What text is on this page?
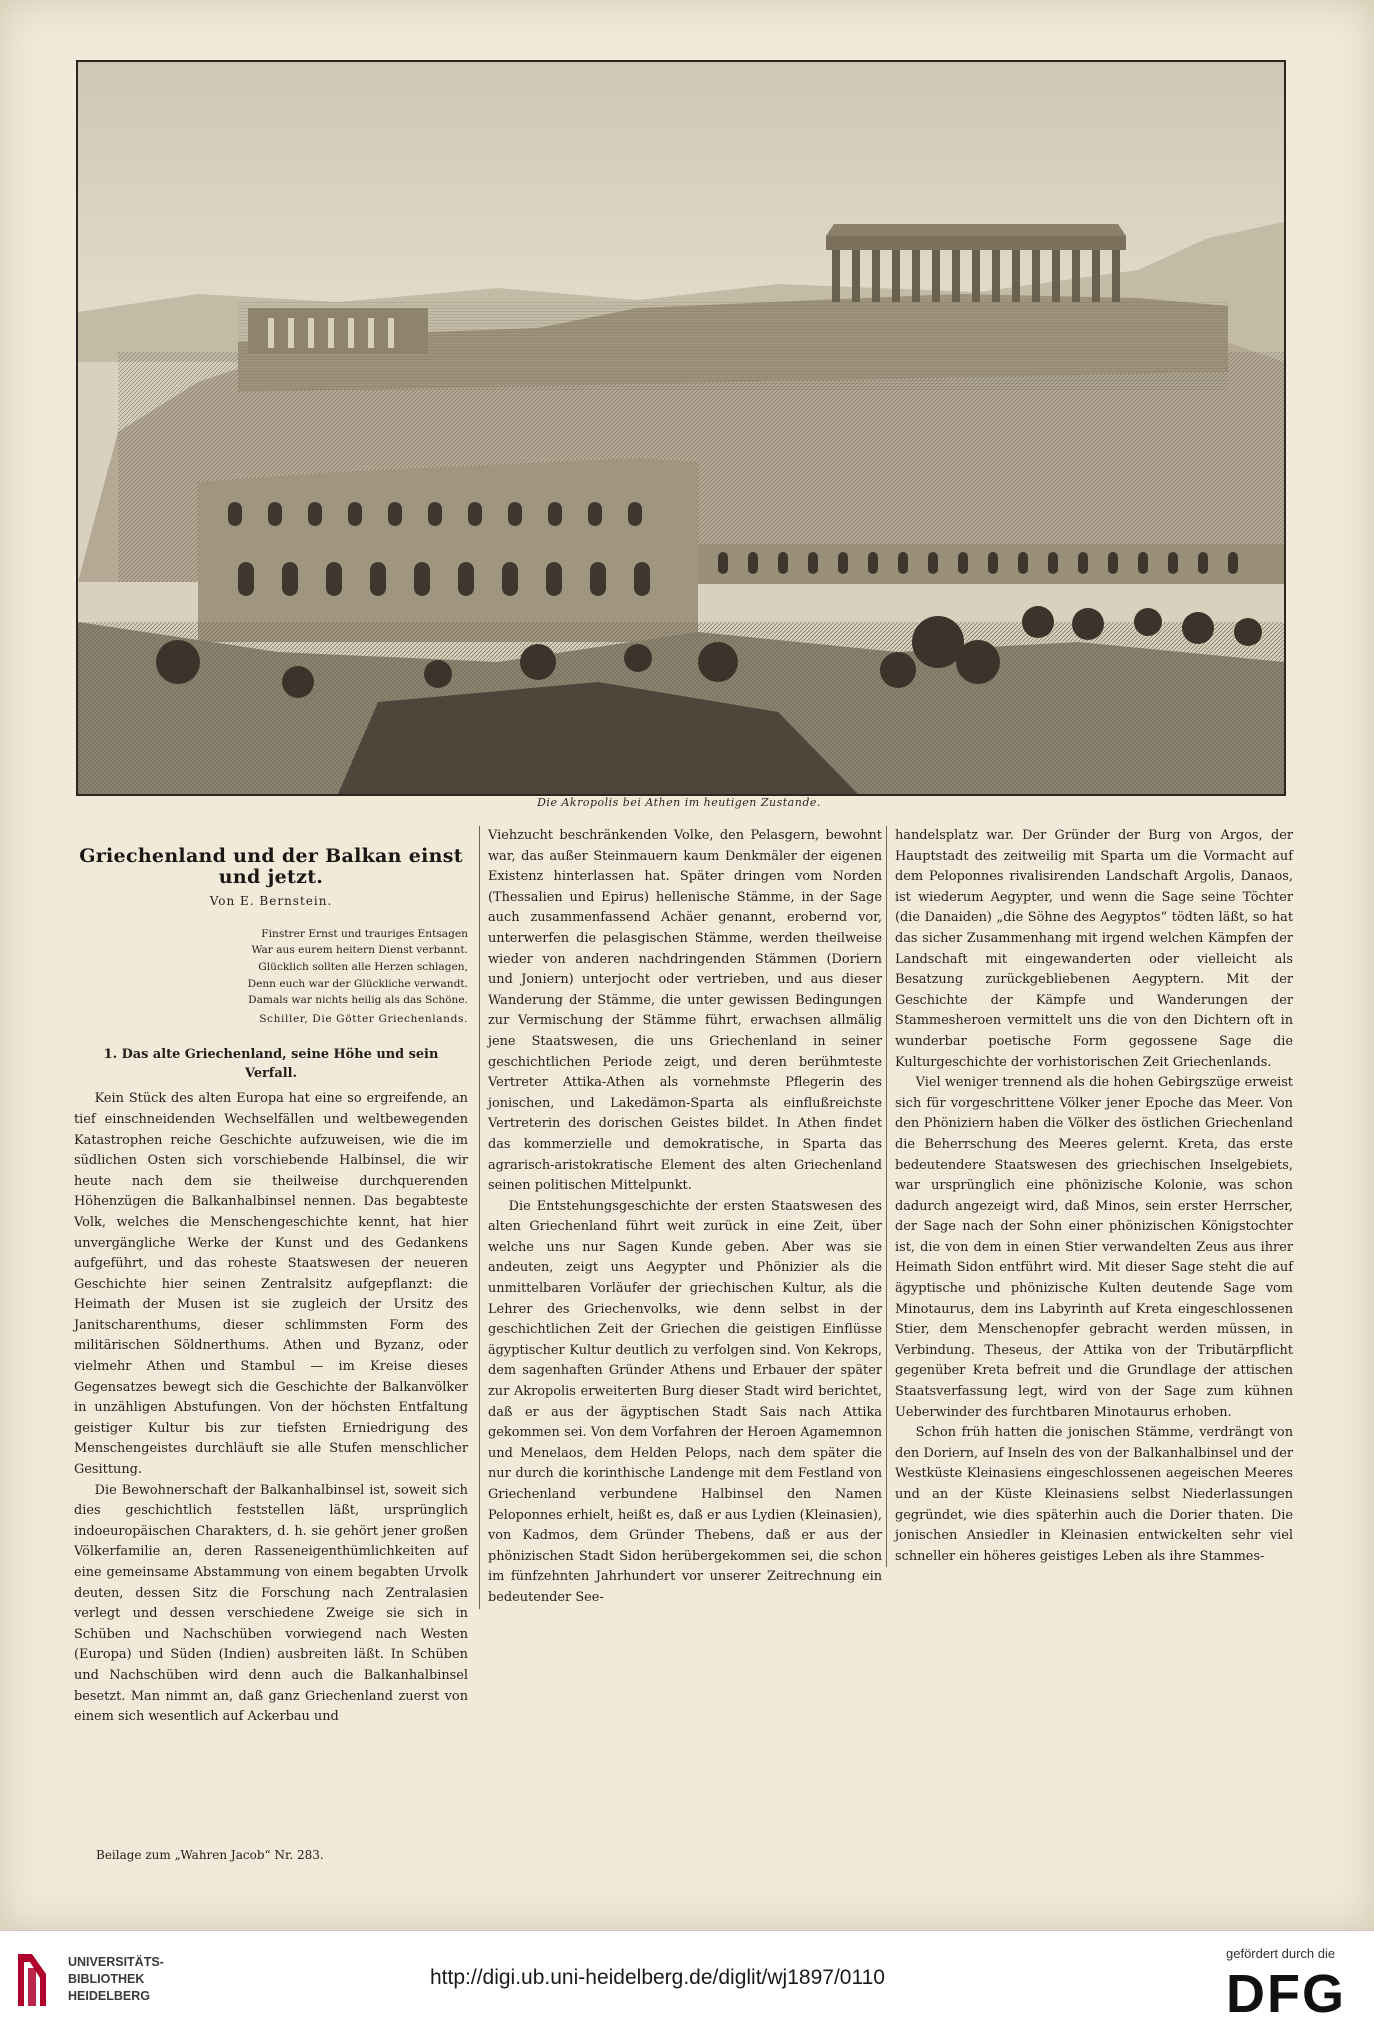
Die Akropolis bei Athen im heutigen Zustande.
Griechenland und der Balkan einst und jetzt.
Von E. Bernstein.
Finstrer Ernst und trauriges Entsagen
War aus eurem heitern Dienst verbannt.
Glücklich sollten alle Herzen schlagen,
Denn euch war der Glückliche verwandt.
Damals war nichts heilig als das Schöne.
Schiller, Die Götter Griechenlands.
1. Das alte Griechenland, seine Höhe und sein Verfall.

Kein Stück des alten Europa hat eine so ergreifende, an tief einschneidenden Wechselfällen und weltbewegenden Katastrophen reiche Geschichte aufzuweisen, wie die im südlichen Osten sich vorschiebende Halbinsel, die wir heute nach dem sie theilweise durchquerenden Höhenzügen die Balkanhalbinsel nennen. Das begabteste Volk, welches die Menschengeschichte kennt, hat hier unvergängliche Werke der Kunst und des Gedankens aufgeführt, und das roheste Staatswesen der neueren Geschichte hier seinen Zentralsitz aufgepflanzt: die Heimath der Musen ist sie zugleich der Ursitz des Janitscharenthums, dieser schlimmsten Form des militärischen Söldnerthums. Athen und Byzanz, oder vielmehr Athen und Stambul — im Kreise dieses Gegensatzes bewegt sich die Geschichte der Balkanvölker in unzähligen Abstufungen. Von der höchsten Entfaltung geistiger Kultur bis zur tiefsten Erniedrigung des Menschengeistes durchläuft sie alle Stufen menschlicher Gesittung.

Die Bewohnerschaft der Balkanhalbinsel ist, soweit sich dies geschichtlich feststellen läßt, ursprünglich indoeuropäischen Charakters, d. h. sie gehört jener großen Völkerfamilie an, deren Rasseneigenthümlichkeiten auf eine gemeinsame Abstammung von einem begabten Urvolk deuten, dessen Sitz die Forschung nach Zentralasien verlegt und dessen verschiedene Zweige sie sich in Schüben und Nachschüben vorwiegend nach Westen (Europa) und Süden (Indien) ausbreiten läßt. In Schüben und Nachschüben wird denn auch die Balkanhalbinsel besetzt. Man nimmt an, daß ganz Griechenland zuerst von einem sich wesentlich auf Ackerbau und

Viehzucht beschränkenden Volke, den Pelasgern, bewohnt war, das außer Steinmauern kaum Denkmäler der eigenen Existenz hinterlassen hat. Später dringen vom Norden (Thessalien und Epirus) hellenische Stämme, in der Sage auch zusammenfassend Achäer genannt, erobernd vor, unterwerfen die pelasgischen Stämme, werden theilweise wieder von anderen nachdringenden Stämmen (Doriern und Joniern) unterjocht oder vertrieben, und aus dieser Wanderung der Stämme, die unter gewissen Bedingungen zur Vermischung der Stämme führt, erwachsen allmälig jene Staatswesen, die uns Griechenland in seiner geschichtlichen Periode zeigt, und deren berühmteste Vertreter Attika-Athen als vornehmste Pflegerin des jonischen, und Lakedämon-Sparta als einflußreichste Vertreterin des dorischen Geistes bildet. In Athen findet das kommerzielle und demokratische, in Sparta das agrarisch-aristokratische Element des alten Griechenland seinen politischen Mittelpunkt.

Die Entstehungsgeschichte der ersten Staatswesen des alten Griechenland führt weit zurück in eine Zeit, über welche uns nur Sagen Kunde geben. Aber was sie andeuten, zeigt uns Aegypter und Phönizier als die unmittelbaren Vorläufer der griechischen Kultur, als die Lehrer des Griechenvolks, wie denn selbst in der geschichtlichen Zeit der Griechen die geistigen Einflüsse ägyptischer Kultur deutlich zu verfolgen sind. Von Kekrops, dem sagenhaften Gründer Athens und Erbauer der später zur Akropolis erweiterten Burg dieser Stadt wird berichtet, daß er aus der ägyptischen Stadt Sais nach Attika gekommen sei. Von dem Vorfahren der Heroen Agamemnon und Menelaos, dem Helden Pelops, nach dem später die nur durch die korinthische Landenge mit dem Festland von Griechenland verbundene Halbinsel den Namen Peloponnes erhielt, heißt es, daß er aus Lydien (Kleinasien), von Kadmos, dem Gründer Thebens, daß er aus der phönizischen Stadt Sidon herübergekommen sei, die schon im fünfzehnten Jahrhundert vor unserer Zeitrechnung ein bedeutender See-

handelsplatz war. Der Gründer der Burg von Argos, der Hauptstadt des zeitweilig mit Sparta um die Vormacht auf dem Peloponnes rivalisirenden Landschaft Argolis, Danaos, ist wiederum Aegypter, und wenn die Sage seine Töchter (die Danaiden) „die Söhne des Aegyptos“ tödten läßt, so hat das sicher Zusammenhang mit irgend welchen Kämpfen der Landschaft mit eingewanderten oder vielleicht als Besatzung zurückgebliebenen Aegyptern. Mit der Geschichte der Kämpfe und Wanderungen der Stammesheroen vermittelt uns die von den Dichtern oft in wunderbar poetische Form gegossene Sage die Kulturgeschichte der vorhistorischen Zeit Griechenlands.

Viel weniger trennend als die hohen Gebirgszüge erweist sich für vorgeschrittene Völker jener Epoche das Meer. Von den Phöniziern haben die Völker des östlichen Griechenland die Beherrschung des Meeres gelernt. Kreta, das erste bedeutendere Staatswesen des griechischen Inselgebiets, war ursprünglich eine phönizische Kolonie, was schon dadurch angezeigt wird, daß Minos, sein erster Herrscher, der Sage nach der Sohn einer phönizischen Königstochter ist, die von dem in einen Stier verwandelten Zeus aus ihrer Heimath Sidon entführt wird. Mit dieser Sage steht die auf ägyptische und phönizische Kulten deutende Sage vom Minotaurus, dem ins Labyrinth auf Kreta eingeschlossenen Stier, dem Menschenopfer gebracht werden müssen, in Verbindung. Theseus, der Attika von der Tributärpflicht gegenüber Kreta befreit und die Grundlage der attischen Staatsverfassung legt, wird von der Sage zum kühnen Ueberwinder des furchtbaren Minotaurus erhoben.

Schon früh hatten die jonischen Stämme, verdrängt von den Doriern, auf Inseln des von der Balkanhalbinsel und der Westküste Kleinasiens eingeschlossenen aegeischen Meeres und an der Küste Kleinasiens selbst Niederlassungen gegründet, wie dies späterhin auch die Dorier thaten. Die jonischen Ansiedler in Kleinasien entwickelten sehr viel schneller ein höheres geistiges Leben als ihre Stammes-

Beilage zum „Wahren Jacob“ Nr. 283.
UNIVERSITÄTS-
BIBLIOTHEK
HEIDELBERG
http://digi.ub.uni-heidelberg.de/diglit/wj1897/0110
gefördert durch die
DFG
